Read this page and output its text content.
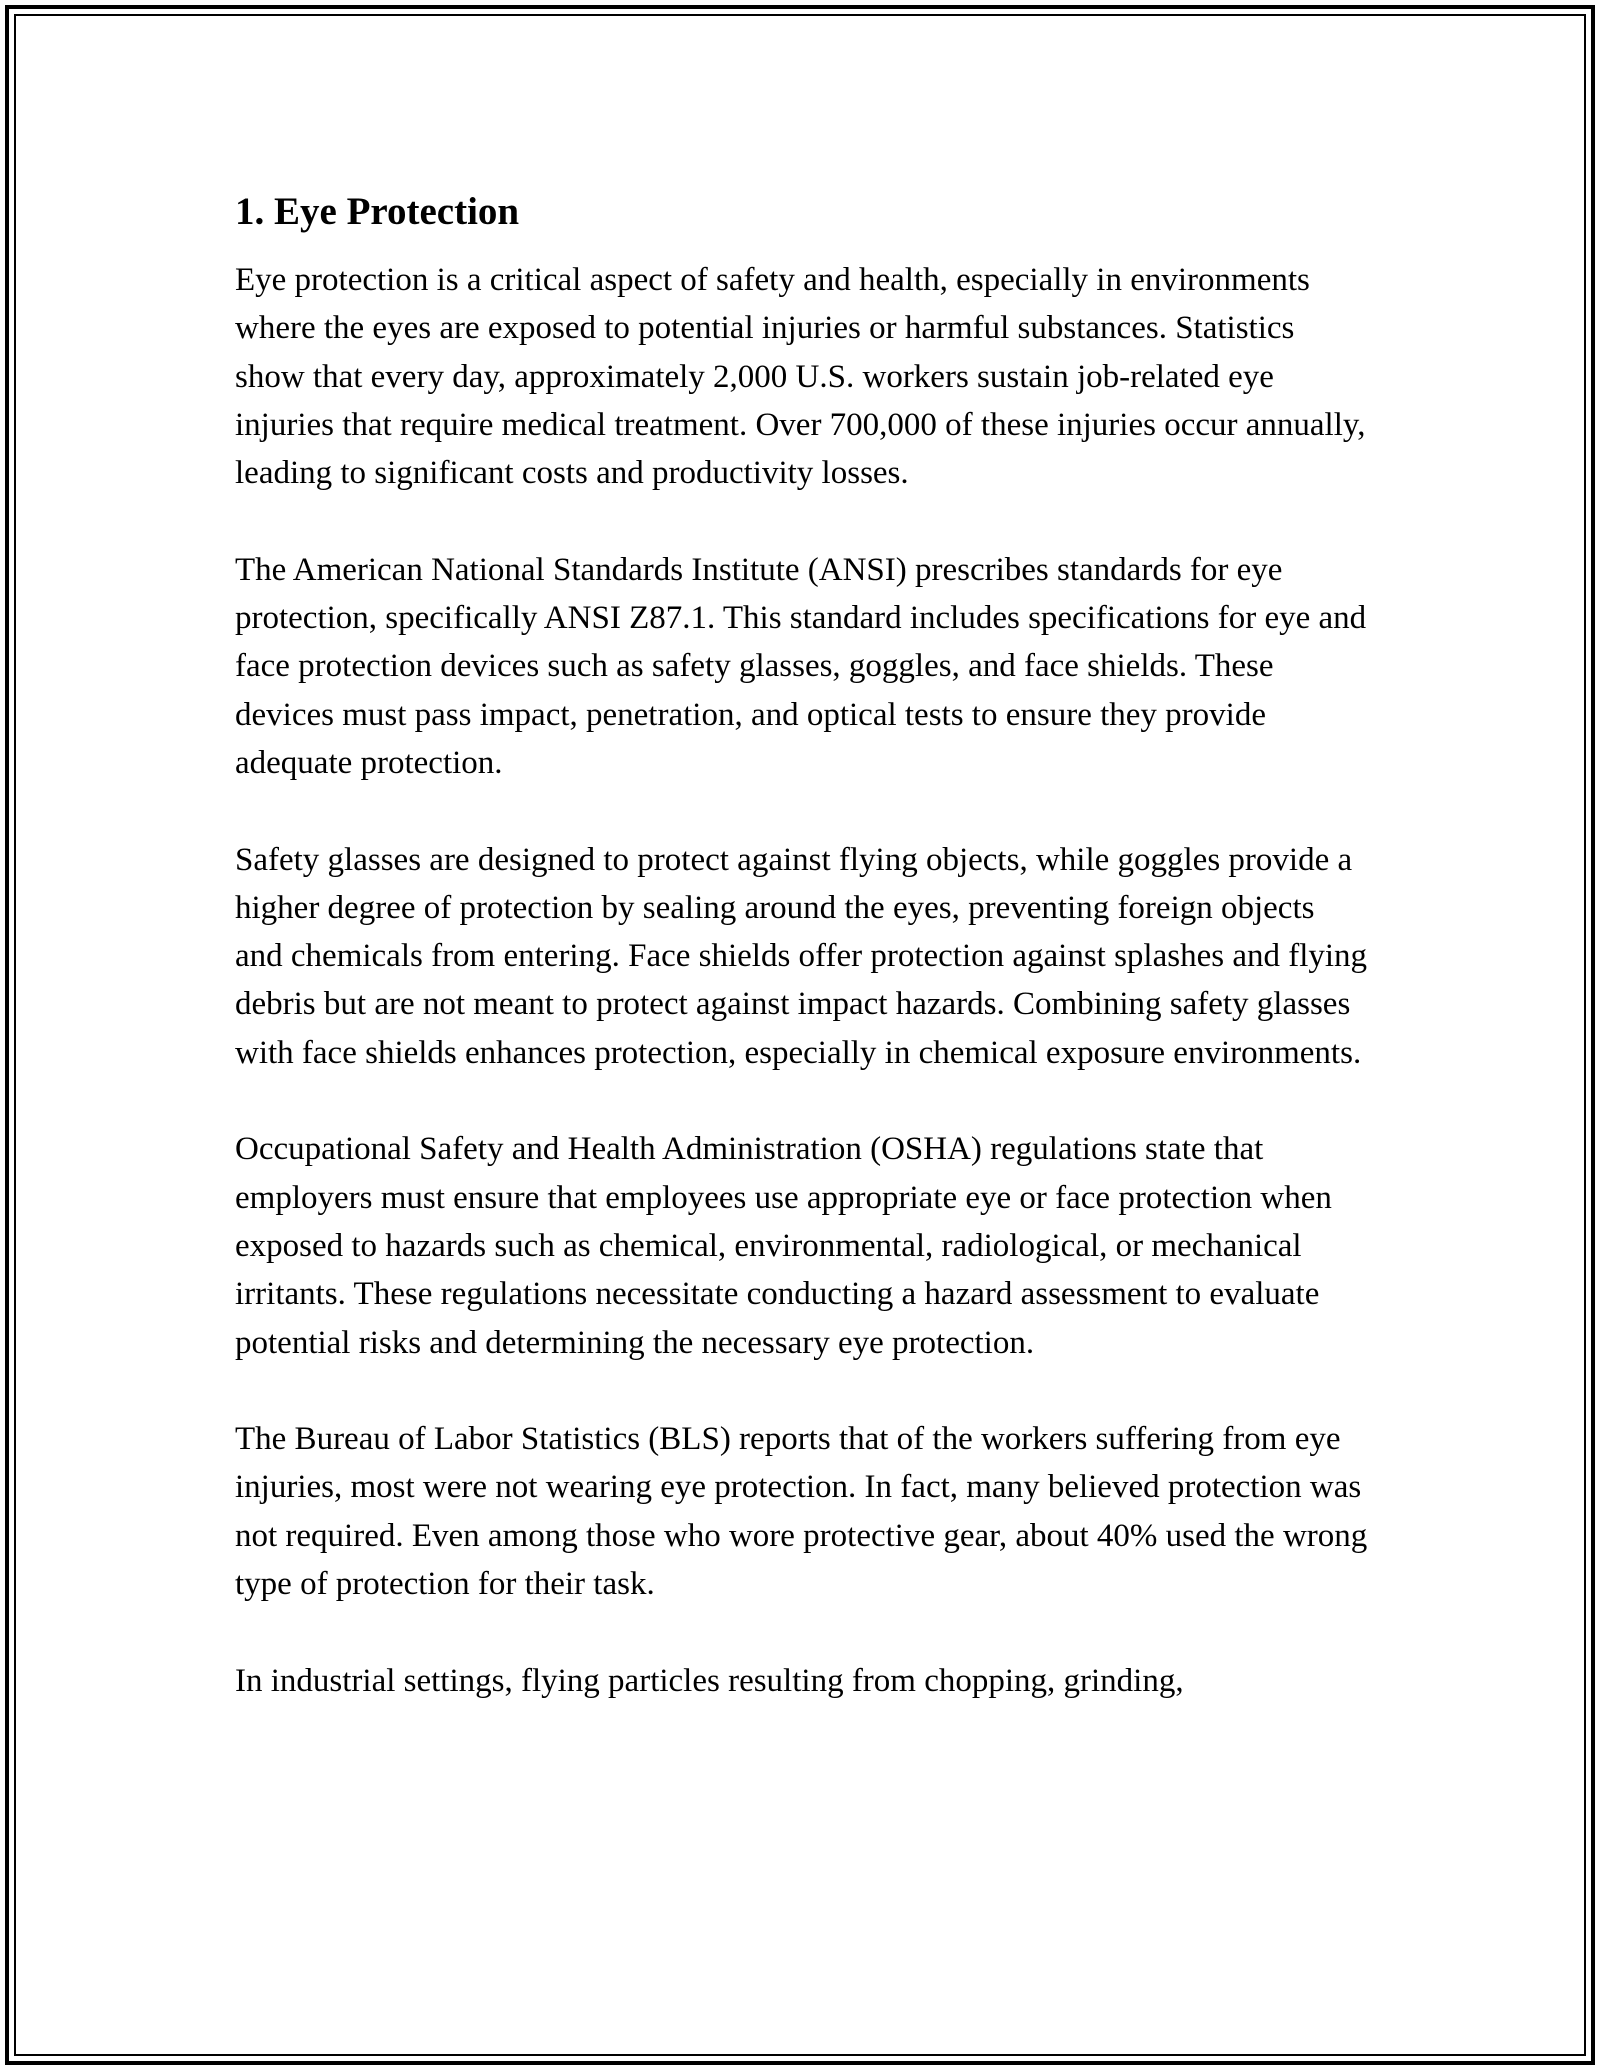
1. Eye Protection

Eye protection is a critical aspect of safety and health, especially in environments where the eyes are exposed to potential injuries or harmful substances. Statistics show that every day, approximately 2,000 U.S. workers sustain job-related eye injuries that require medical treatment. Over 700,000 of these injuries occur annually, leading to significant costs and productivity losses.

The American National Standards Institute (ANSI) prescribes standards for eye protection, specifically ANSI Z87.1. This standard includes specifications for eye and face protection devices such as safety glasses, goggles, and face shields. These devices must pass impact, penetration, and optical tests to ensure they provide adequate protection.

Safety glasses are designed to protect against flying objects, while goggles provide a higher degree of protection by sealing around the eyes, preventing foreign objects and chemicals from entering. Face shields offer protection against splashes and flying debris but are not meant to protect against impact hazards. Combining safety glasses with face shields enhances protection, especially in chemical exposure environments.

Occupational Safety and Health Administration (OSHA) regulations state that employers must ensure that employees use appropriate eye or face protection when exposed to hazards such as chemical, environmental, radiological, or mechanical irritants. These regulations necessitate conducting a hazard assessment to evaluate potential risks and determining the necessary eye protection.

The Bureau of Labor Statistics (BLS) reports that of the workers suffering from eye injuries, most were not wearing eye protection. In fact, many believed protection was not required. Even among those who wore protective gear, about 40% used the wrong type of protection for their task.

In industrial settings, flying particles resulting from chopping, grinding,
